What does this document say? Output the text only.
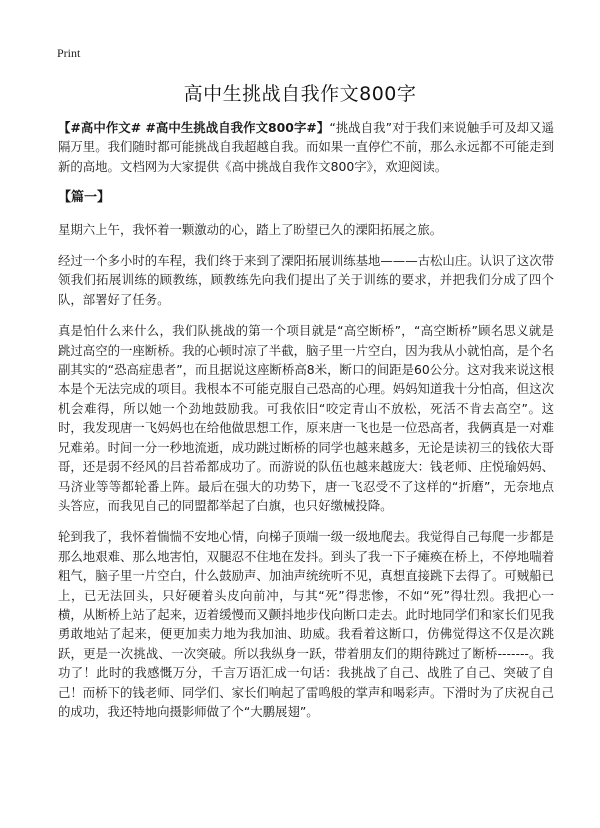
Print
高中生挑战自我作文800字

【#高中作文# #高中生挑战自我作文800字#】“挑战自我”对于我们来说触手可及却又遥隔万里。我们随时都可能挑战自我超越自我。而如果一直停伫不前，那么永远都不可能走到新的高地。文档网为大家提供《高中挑战自我作文800字》，欢迎阅读。

【篇一】

星期六上午，我怀着一颗激动的心，踏上了盼望已久的溧阳拓展之旅。

经过一个多小时的车程，我们终于来到了溧阳拓展训练基地———古松山庄。认识了这次带领我们拓展训练的顾教练，顾教练先向我们提出了关于训练的要求，并把我们分成了四个队，部署好了任务。

真是怕什么来什么，我们队挑战的第一个项目就是“高空断桥”，“高空断桥”顾名思义就是跳过高空的一座断桥。我的心顿时凉了半截，脑子里一片空白，因为我从小就怕高，是个名副其实的“恐高症患者”，而且据说这座断桥高8米，断口的间距是60公分。这对我来说这根本是个无法完成的项目。我根本不可能克服自己恐高的心理。妈妈知道我十分怕高，但这次机会难得，所以她一个劲地鼓励我。可我依旧“咬定青山不放松，死活不肯去高空”。这时，我发现唐一飞妈妈也在给他做思想工作，原来唐一飞也是一位恐高者，我俩真是一对难兄难弟。时间一分一秒地流逝，成功跳过断桥的同学也越来越多，无论是读初三的钱依大哥哥，还是弱不经风的吕苔希都成功了。而游说的队伍也越来越庞大：钱老师、庄悦瑜妈妈、马济业等等都轮番上阵。最后在强大的功势下，唐一飞忍受不了这样的“折磨”，无奈地点头答应，而我见自己的同盟都举起了白旗，也只好缴械投降。

轮到我了，我怀着惴惴不安地心情，向梯子顶端一级一级地爬去。我觉得自己每爬一步都是那么地艰难、那么地害怕，双腿忍不住地在发抖。到头了我一下子瘫痪在桥上，不停地喘着粗气，脑子里一片空白，什么鼓励声、加油声统统听不见，真想直接跳下去得了。可贼船已上，已无法回头，只好硬着头皮向前冲，与其“死”得悲惨，不如“死”得壮烈。我把心一横，从断桥上站了起来，迈着缓慢而又颤抖地步伐向断口走去。此时地同学们和家长们见我勇敢地站了起来，便更加卖力地为我加油、助威。我看着这断口，仿佛觉得这不仅是次跳跃，更是一次挑战、一次突破。所以我纵身一跃，带着朋友们的期待跳过了断桥-------。我功了！此时的我感慨万分，千言万语汇成一句话：我挑战了自己、战胜了自己、突破了自己！而桥下的钱老师、同学们、家长们响起了雷鸣般的掌声和喝彩声。下滑时为了庆祝自己的成功，我还特地向摄影师做了个“大鹏展翅”。
